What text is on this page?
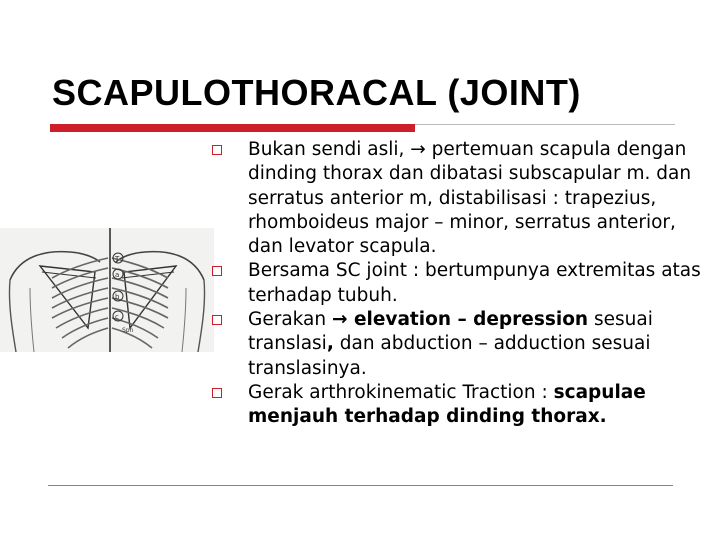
SCAPULOTHORACAL (JOINT)
T
a
b
c
Spn
Bukan sendi asli, → pertemuan scapula dengan dinding thorax dan dibatasi subscapular m. dan serratus anterior m, distabilisasi : trapezius, rhomboideus major – minor, serratus anterior, dan levator scapula.
Bersama SC joint : bertumpunya extremitas atas terhadap tubuh.
Gerakan → elevation – depression sesuai translasi, dan abduction – adduction sesuai translasinya.
Gerak arthrokinematic Traction : scapulae menjauh terhadap dinding thorax.
